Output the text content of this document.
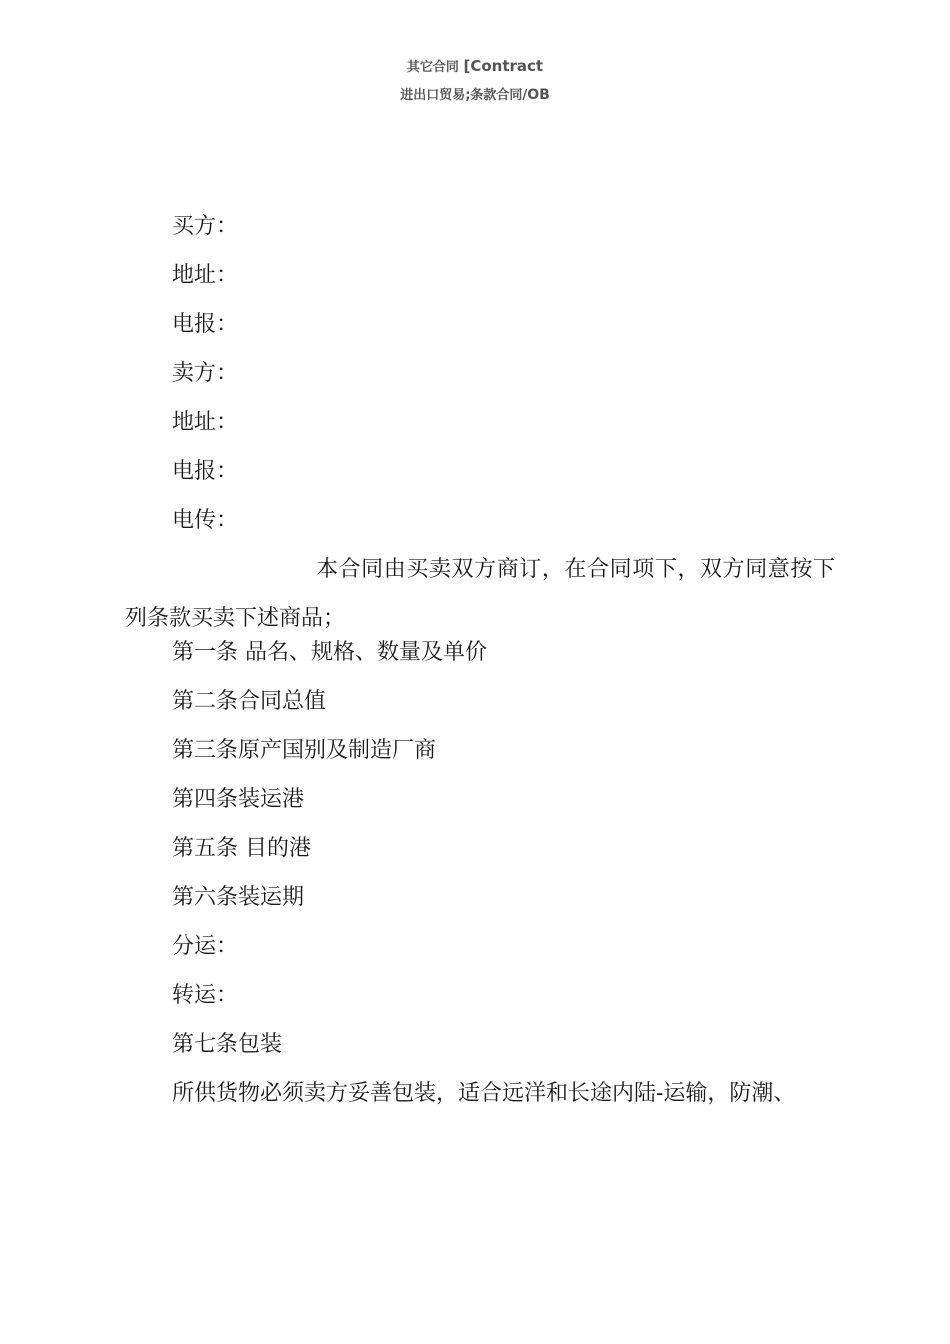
其它合同 [Contract
进出口贸易;条款合同/OB
买方：
地址：
电报：
卖方：
地址：
电报：
电传：
本合同由买卖双方商订，在合同项下，双方同意按下列条款买卖下述商品；
第一条 品名、规格、数量及单价
第二条合同总值
第三条原产国别及制造厂商
第四条装运港
第五条 目的港
第六条装运期
分运：
转运：
第七条包装
所供货物必须卖方妥善包装，适合远洋和长途内陆-运输，防潮、
